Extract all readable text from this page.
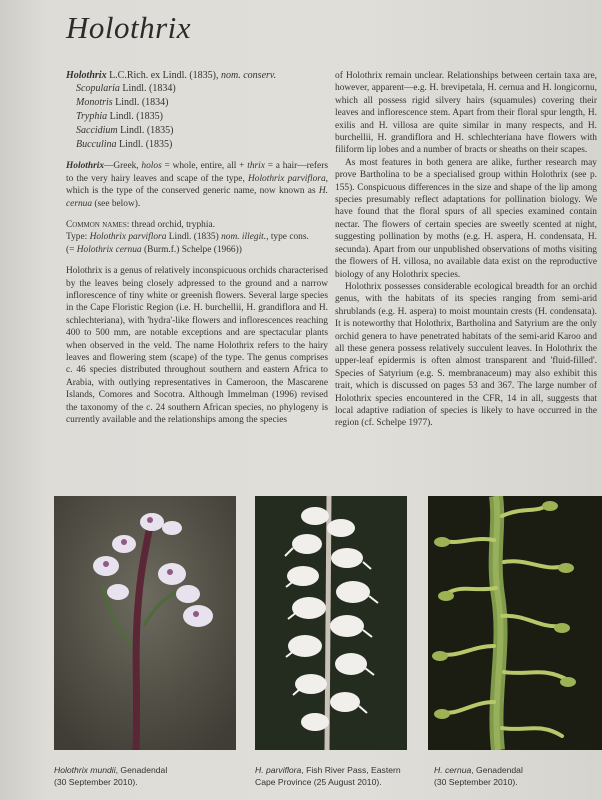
Holothrix
Holothrix L.C.Rich. ex Lindl. (1835), nom. conserv.
Scopularia Lindl. (1834)
Monotris Lindl. (1834)
Tryphia Lindl. (1835)
Saccidium Lindl. (1835)
Bucculina Lindl. (1835)

Holothrix—Greek, holos = whole, entire, all + thrix = a hair—refers to the very hairy leaves and scape of the type, Holothrix parviflora, which is the type of the conserved generic name, now known as H. cernua (see below).

Common names: thread orchid, tryphia.
Type: Holothrix parviflora Lindl. (1835) nom. illegit., type cons.
(= Holothrix cernua (Burm.f.) Schelpe (1966))

Holothrix is a genus of relatively inconspicuous orchids characterised by the leaves being closely adpressed to the ground and a narrow inflorescence of tiny white or greenish flowers. Several large species in the Cape Floristic Region (i.e. H. burchellii, H. grandiflora and H. schlechteriana), with 'hydra'-like flowers and inflorescences reaching 400 to 500 mm, are notable exceptions and are spectacular plants when observed in the veld. The name Holothrix refers to the hairy leaves and flowering stem (scape) of the type. The genus comprises c. 46 species distributed throughout southern and eastern Africa to Arabia, with outlying representatives in Cameroon, the Mascarene Islands, Comores and Socotra. Although Immelman (1996) revised the taxonomy of the c. 24 southern African species, no phylogeny is currently available and the relationships among the species

of Holothrix remain unclear. Relationships between certain taxa are, however, apparent—e.g. H. brevipetala, H. cernua and H. longicornu, which all possess rigid silvery hairs (squamules) covering their leaves and inflorescence stem. Apart from their floral spur length, H. exilis and H. villosa are quite similar in many respects, and H. burchellii, H. grandiflora and H. schlechteriana have flowers with filiform lip lobes and a number of bracts or sheaths on their scapes.

As most features in both genera are alike, further research may prove Bartholina to be a specialised group within Holothrix (see p. 155). Conspicuous differences in the size and shape of the lip among species presumably reflect adaptations for pollination biology. We have found that the floral spurs of all species examined contain nectar. The flowers of certain species are sweetly scented at night, suggesting pollination by moths (e.g. H. aspera, H. condensata, H. secunda). Apart from our unpublished observations of moths visiting the flowers of H. villosa, no available data exist on the reproductive biology of any Holothrix species.

Holothrix possesses considerable ecological breadth for an orchid genus, with the habitats of its species ranging from semi-arid shrublands (e.g. H. aspera) to moist mountain crests (H. condensata). It is noteworthy that Holothrix, Bartholina and Satyrium are the only orchid genera to have penetrated habitats of the semi-arid Karoo and all these genera possess relatively succulent leaves. In Holothrix the upper-leaf epidermis is often almost transparent and 'fluid-filled'. Species of Satyrium (e.g. S. membranaceum) may also exhibit this trait, which is discussed on pages 53 and 367. The large number of Holothrix species encountered in the CFR, 14 in all, suggests that local adaptive radiation of species is likely to have occurred in the region (cf. Schelpe 1977).

Holothrix mundii, Genadendal
(30 September 2010).
H. parviflora, Fish River Pass, Eastern
Cape Province (25 August 2010).
H. cernua, Genadendal
(30 September 2010).
